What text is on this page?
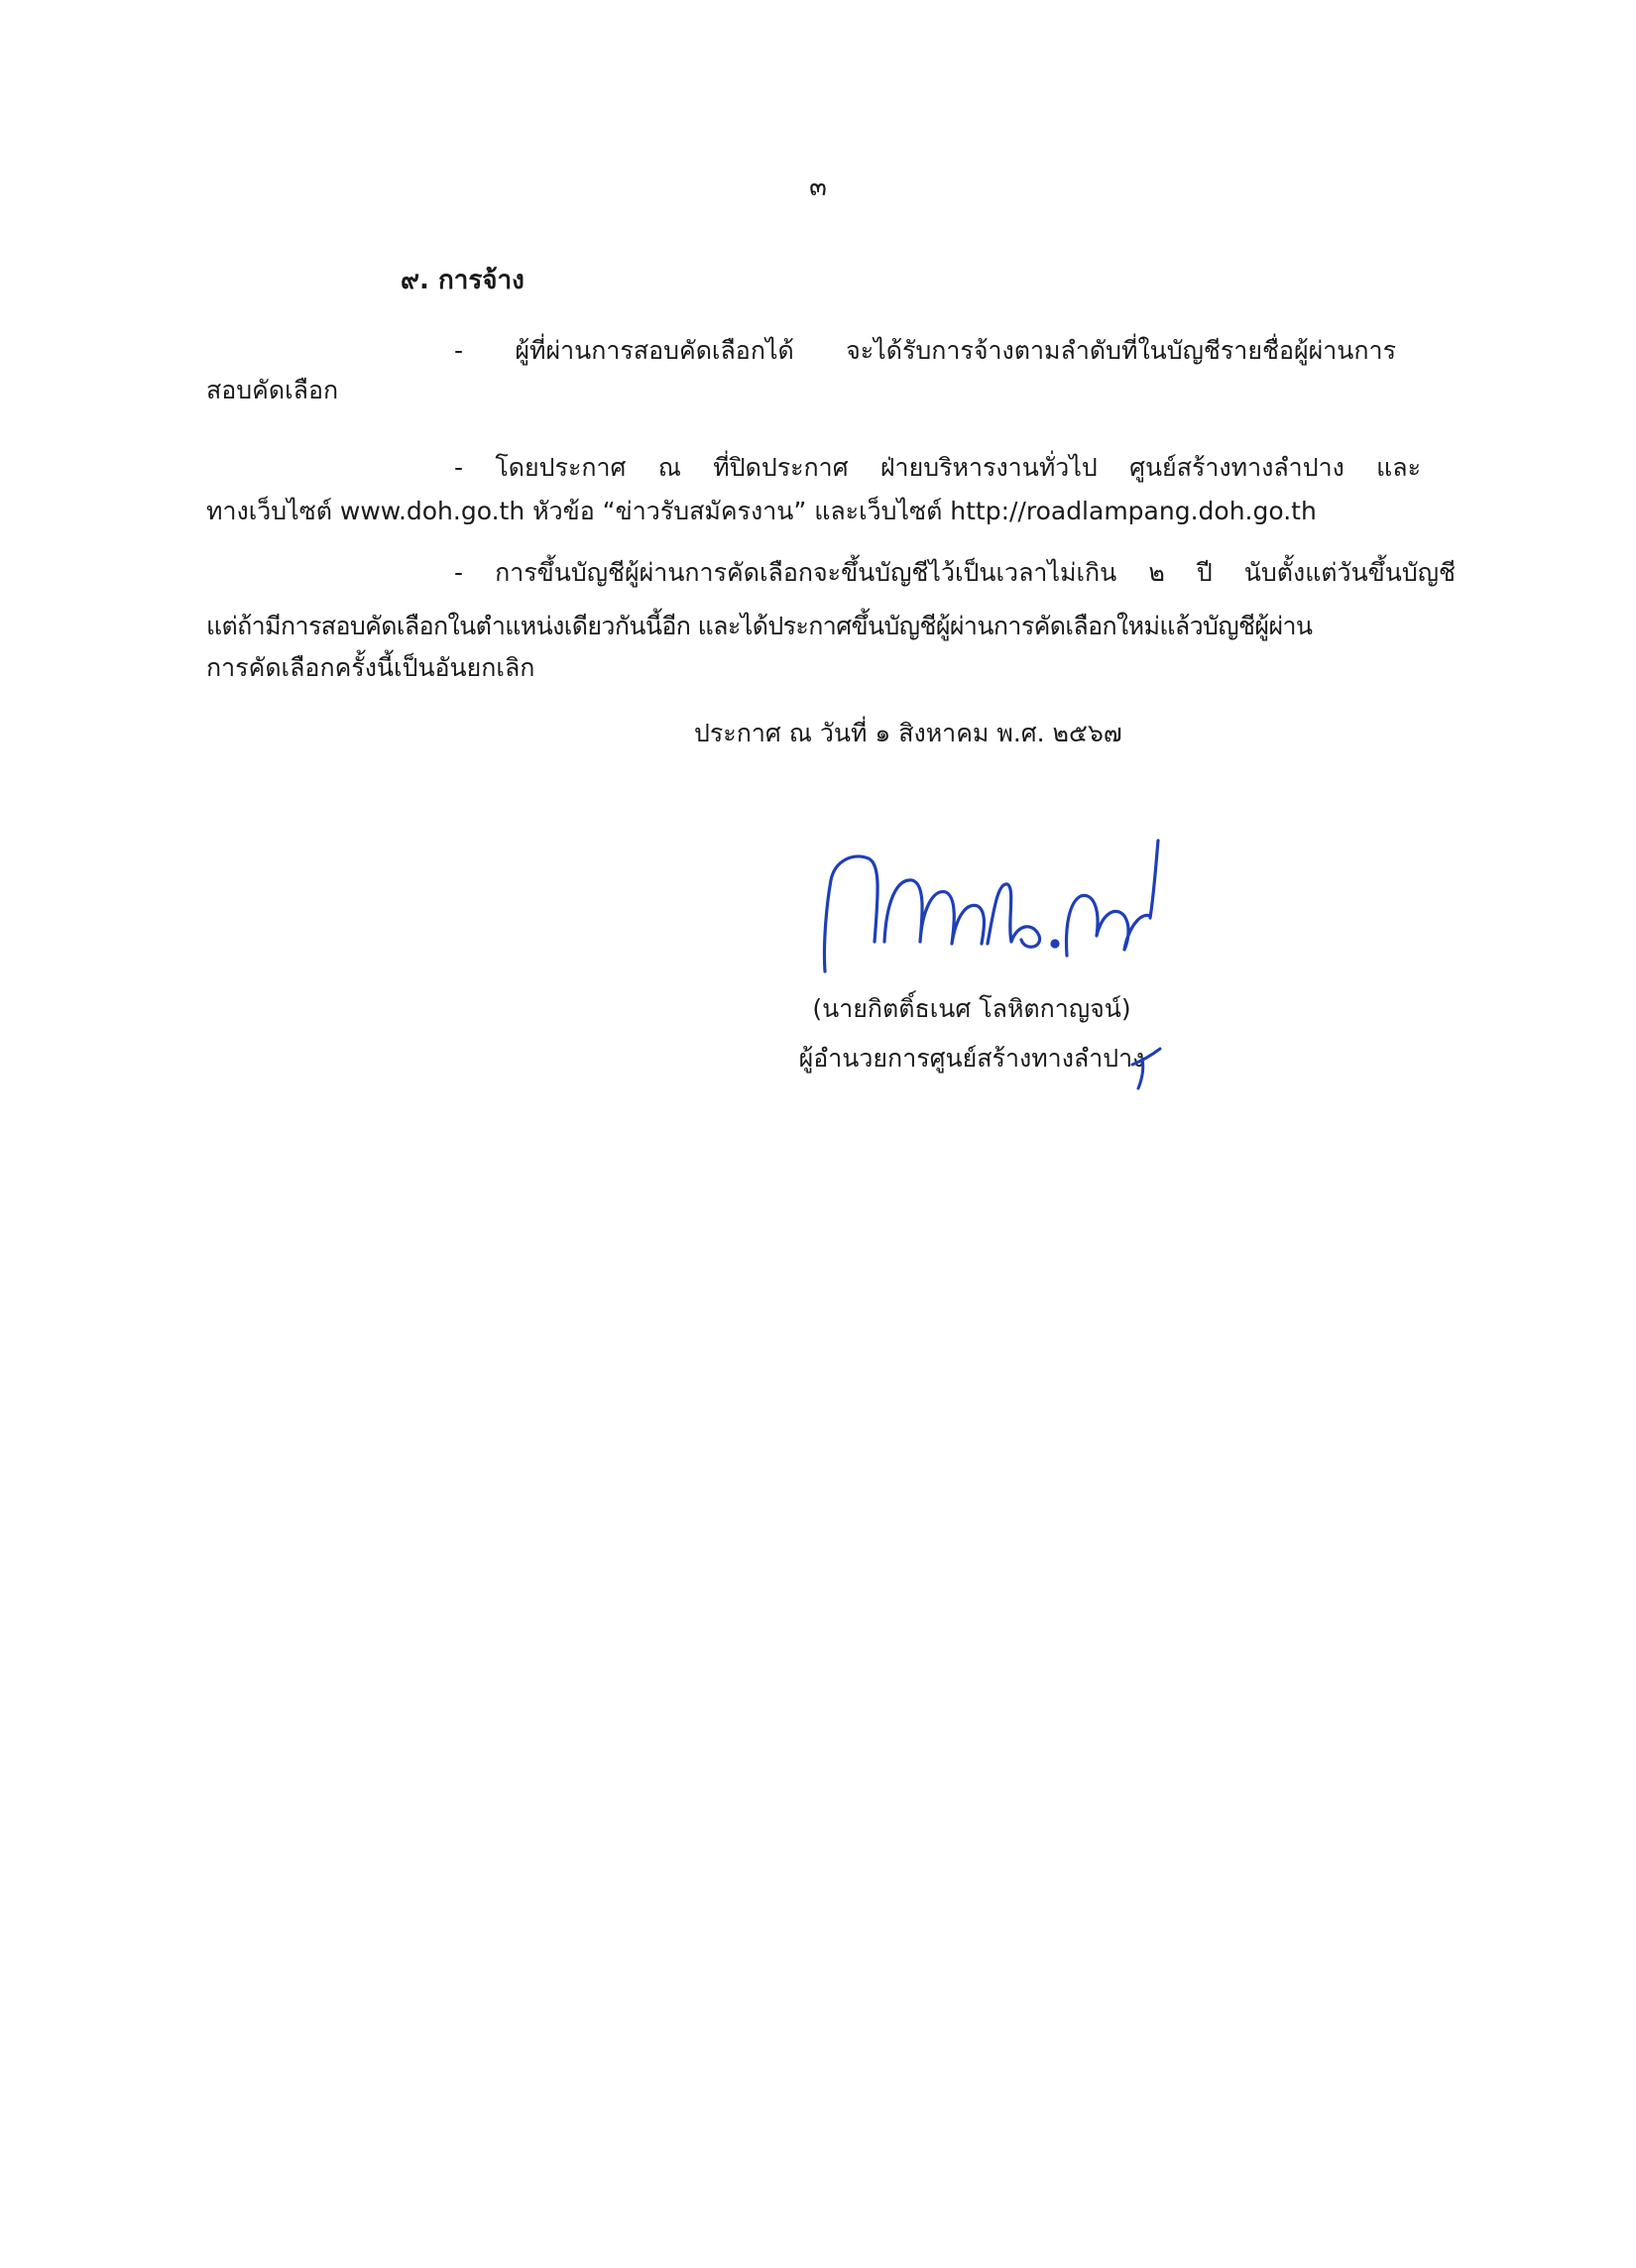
๓
๙. การจ้าง
- ผู้ที่ผ่านการสอบคัดเลือกได้ จะได้รับการจ้างตามลำดับที่ในบัญชีรายชื่อผู้ผ่านการ
สอบคัดเลือก
- โดยประกาศ ณ ที่ปิดประกาศ ฝ่ายบริหารงานทั่วไป ศูนย์สร้างทางลำปาง และ
ทางเว็บไซต์ www.doh.go.th หัวข้อ “ข่าวรับสมัครงาน” และเว็บไซต์ http://roadlampang.doh.go.th
- การขึ้นบัญชีผู้ผ่านการคัดเลือกจะขึ้นบัญชีไว้เป็นเวลาไม่เกิน ๒ ปี นับตั้งแต่วันขึ้นบัญชี
แต่ถ้ามีการสอบคัดเลือกในตำแหน่งเดียวกันนี้อีก และได้ประกาศขึ้นบัญชีผู้ผ่านการคัดเลือกใหม่แล้วบัญชีผู้ผ่าน
การคัดเลือกครั้งนี้เป็นอันยกเลิก
ประกาศ ณ วันที่ ๑ สิงหาคม พ.ศ. ๒๕๖๗
(นายกิตติ์ธเนศ โลหิตกาญจน์)
ผู้อำนวยการศูนย์สร้างทางลำปาง
